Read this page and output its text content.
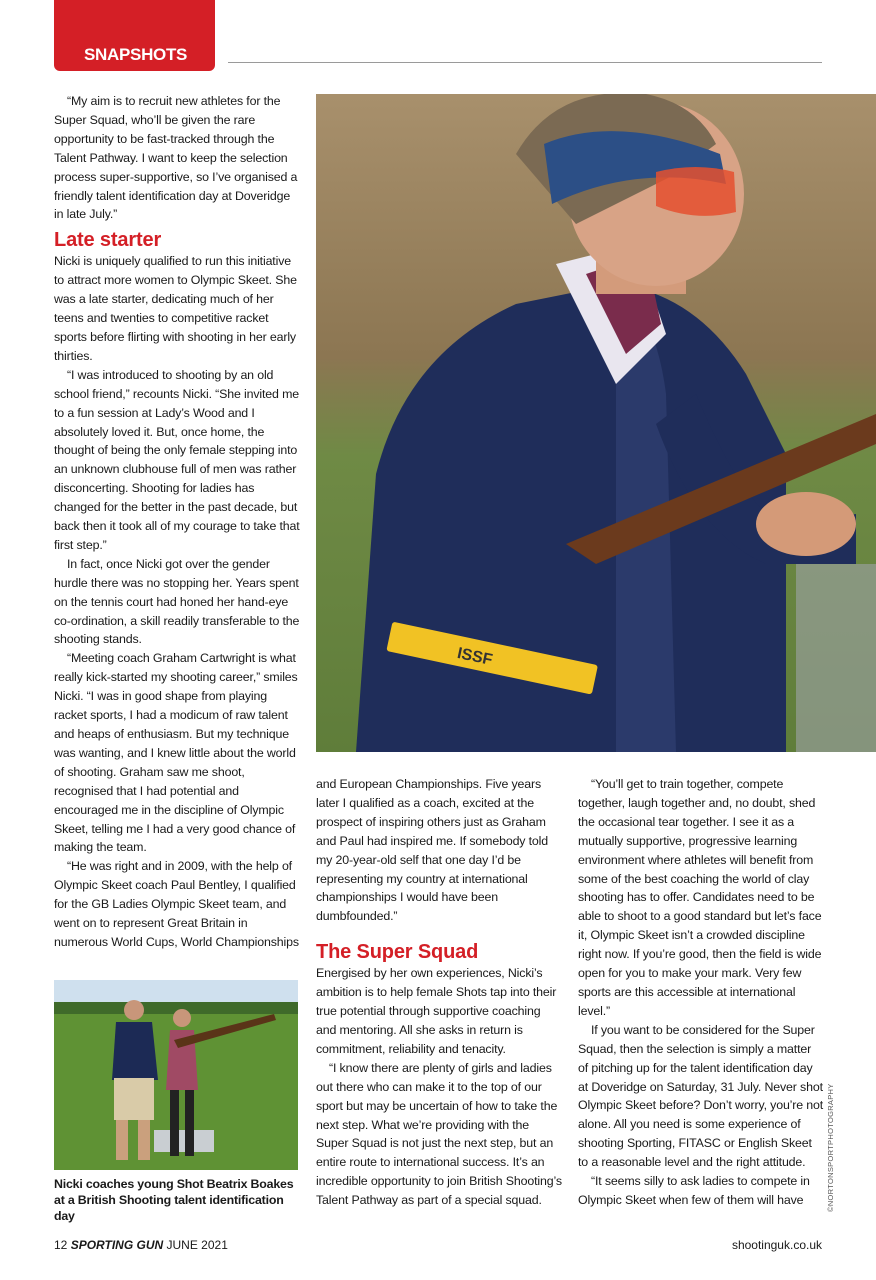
SNAPSHOTS

“My aim is to recruit new athletes for the Super Squad, who’ll be given the rare opportunity to be fast-tracked through the Talent Pathway. I want to keep the selection process super-supportive, so I’ve organised a friendly talent identification day at Doveridge in late July.”

Late starter

Nicki is uniquely qualified to run this initiative to attract more women to Olympic Skeet. She was a late starter, dedicating much of her teens and twenties to competitive racket sports before flirting with shooting in her early thirties.

“I was introduced to shooting by an old school friend,” recounts Nicki. “She invited me to a fun session at Lady’s Wood and I absolutely loved it. But, once home, the thought of being the only female stepping into an unknown clubhouse full of men was rather disconcerting. Shooting for ladies has changed for the better in the past decade, but back then it took all of my courage to take that first step.”

In fact, once Nicki got over the gender hurdle there was no stopping her. Years spent on the tennis court had honed her hand-eye co-ordination, a skill readily transferable to the shooting stands.

“Meeting coach Graham Cartwright is what really kick-started my shooting career,” smiles Nicki. “I was in good shape from playing racket sports, I had a modicum of raw talent and heaps of enthusiasm. But my technique was wanting, and I knew little about the world of shooting. Graham saw me shoot, recognised that I had potential and encouraged me in the discipline of Olympic Skeet, telling me I had a very good chance of making the team.

“He was right and in 2009, with the help of Olympic Skeet coach Paul Bentley, I qualified for the GB Ladies Olympic Skeet team, and went on to represent Great Britain in numerous World Cups, World Championships

ISSF

and European Championships. Five years later I qualified as a coach, excited at the prospect of inspiring others just as Graham and Paul had inspired me. If somebody told my 20-year-old self that one day I’d be representing my country at international championships I would have been dumbfounded.”

The Super Squad

Energised by her own experiences, Nicki’s ambition is to help female Shots tap into their true potential through supportive coaching and mentoring. All she asks in return is commitment, reliability and tenacity.

“I know there are plenty of girls and ladies out there who can make it to the top of our sport but may be uncertain of how to take the next step. What we’re providing with the Super Squad is not just the next step, but an entire route to international success. It’s an incredible opportunity to join British Shooting’s Talent Pathway as part of a special squad.

“You’ll get to train together, compete together, laugh together and, no doubt, shed the occasional tear together. I see it as a mutually supportive, progressive learning environment where athletes will benefit from some of the best coaching the world of clay shooting has to offer. Candidates need to be able to shoot to a good standard but let’s face it, Olympic Skeet isn’t a crowded discipline right now. If you’re good, then the field is wide open for you to make your mark. Very few sports are this accessible at international level.”

If you want to be considered for the Super Squad, then the selection is simply a matter of pitching up for the talent identification day at Doveridge on Saturday, 31 July. Never shot Olympic Skeet before? Don’t worry, you’re not alone. All you need is some experience of shooting Sporting, FITASC or English Skeet to a reasonable level and the right attitude.

“It seems silly to ask ladies to compete in Olympic Skeet when few of them will have

Nicki coaches young Shot Beatrix Boakes at a British Shooting talent identification day
©NORTONSPORTPHOTOGRAPHY
12 SPORTING GUN JUNE 2021	shootinguk.co.uk
